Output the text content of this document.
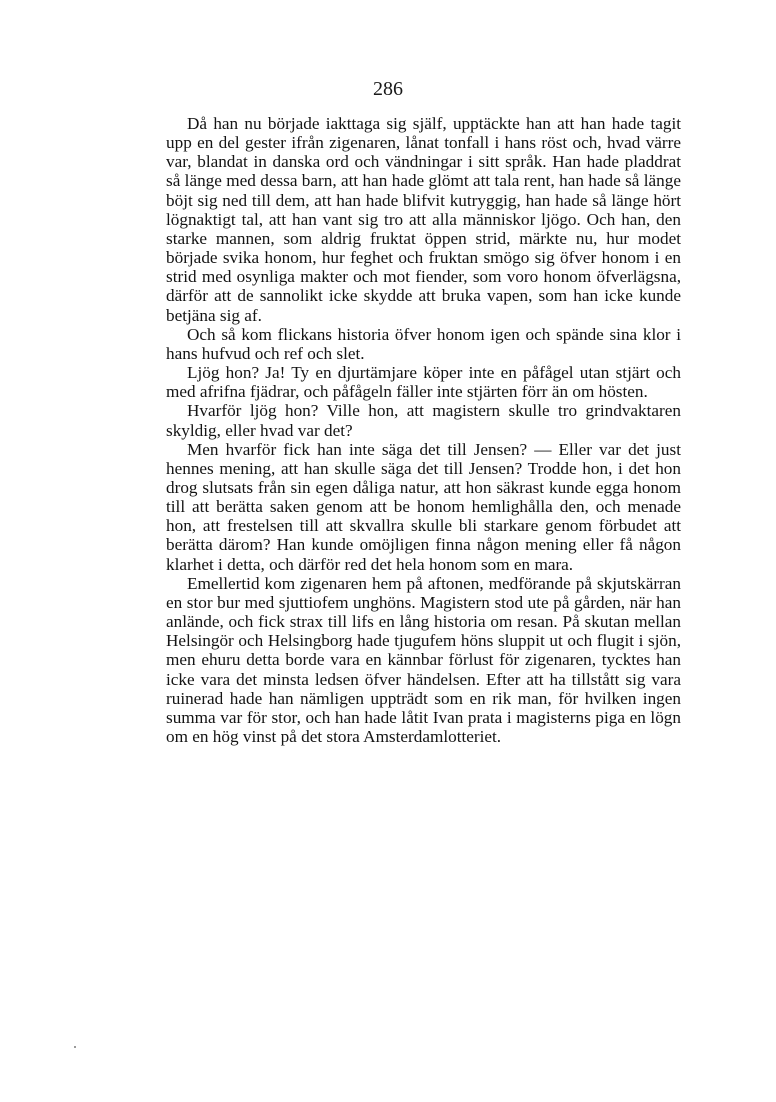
286

Då han nu började iakttaga sig själf, upptäckte han att han hade tagit upp en del gester ifrån zigenaren, lånat tonfall i hans röst och, hvad värre var, blandat in danska ord och vändningar i sitt språk. Han hade pladdrat så länge med dessa barn, att han hade glömt att tala rent, han hade så länge böjt sig ned till dem, att han hade blifvit kutryggig, han hade så länge hört lögnaktigt tal, att han vant sig tro att alla människor ljögo. Och han, den starke mannen, som aldrig fruktat öppen strid, märkte nu, hur modet började svika honom, hur feghet och fruktan smögo sig öfver honom i en strid med osynliga makter och mot fiender, som voro honom öfverlägsna, därför att de sannolikt icke skydde att bruka vapen, som han icke kunde betjäna sig af.

Och så kom flickans historia öfver honom igen och spände sina klor i hans hufvud och ref och slet.

Ljög hon? Ja! Ty en djurtämjare köper inte en påfågel utan stjärt och med afrifna fjädrar, och påfågeln fäller inte stjärten förr än om hösten.

Hvarför ljög hon? Ville hon, att magistern skulle tro grindvaktaren skyldig, eller hvad var det?

Men hvarför fick han inte säga det till Jensen? — Eller var det just hennes mening, att han skulle säga det till Jensen? Trodde hon, i det hon drog slutsats från sin egen dåliga natur, att hon säkrast kunde egga honom till att berätta saken genom att be honom hemlighålla den, och menade hon, att frestelsen till att skvallra skulle bli starkare genom förbudet att berätta därom? Han kunde omöjligen finna någon mening eller få någon klarhet i detta, och därför red det hela honom som en mara.

Emellertid kom zigenaren hem på aftonen, medförande på skjutskärran en stor bur med sjuttiofem unghöns. Magistern stod ute på gården, när han anlände, och fick strax till lifs en lång historia om resan. På skutan mellan Helsingör och Helsingborg hade tjugufem höns sluppit ut och flugit i sjön, men ehuru detta borde vara en kännbar förlust för zigenaren, tycktes han icke vara det minsta ledsen öfver händelsen. Efter att ha tillstått sig vara ruinerad hade han nämligen uppträdt som en rik man, för hvilken ingen summa var för stor, och han hade låtit Ivan prata i magisterns piga en lögn om en hög vinst på det stora Amsterdamlotteriet.
